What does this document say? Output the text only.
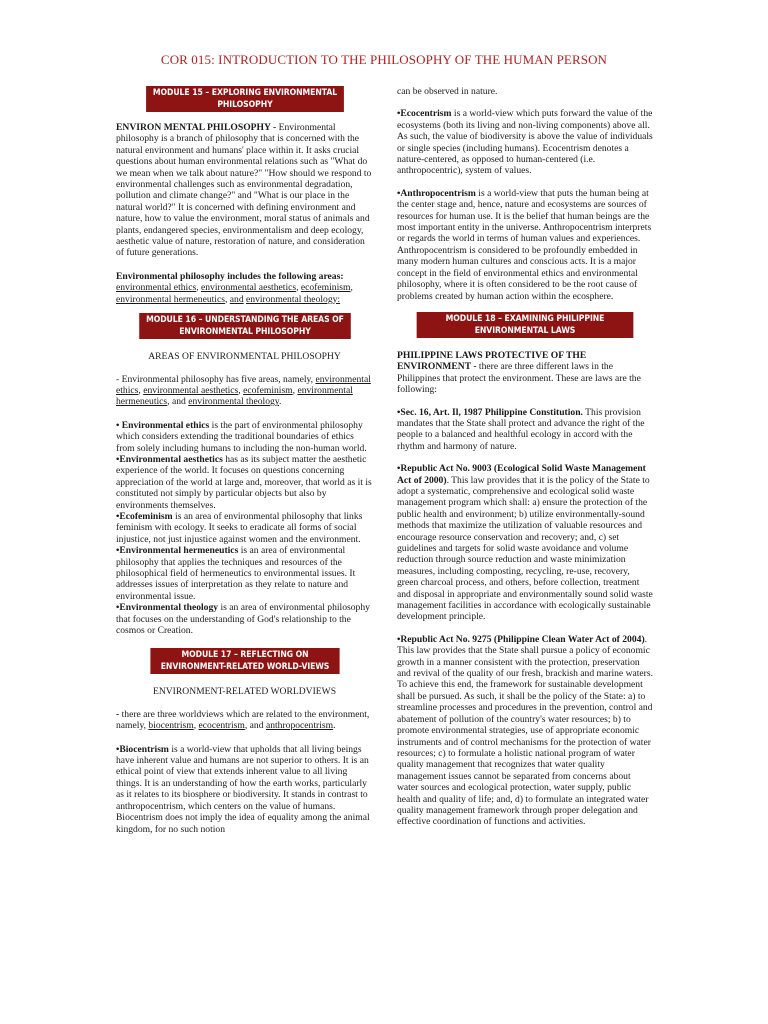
COR 015: INTRODUCTION TO THE PHILOSOPHY OF THE HUMAN PERSON
MODULE 15 – EXPLORING ENVIRONMENTAL PHILOSOPHY

ENVIRON MENTAL PHILOSOPHY - Environmental philosophy is a branch of philosophy that is concerned with the natural environment and humans' place within it. It asks crucial questions about human environmental relations such as "What do we mean when we talk about nature?" "How should we respond to environmental challenges such as environmental degradation, pollution and climate change?" and "What is our place in the natural world?" It is concerned with defining environment and nature, how to value the environment, moral status of animals and plants, endangered species, environmentalism and deep ecology, aesthetic value of nature, restoration of nature, and consideration of future generations.

Environmental philosophy includes the following areas: environmental ethics, environmental aesthetics, ecofeminism, environmental hermeneutics, and environmental theology:

MODULE 16 – UNDERSTANDING THE AREAS OF ENVIRONMENTAL PHILOSOPHY

AREAS OF ENVIRONMENTAL PHILOSOPHY

- Environmental philosophy has five areas, namely, environmental ethics, environmental aesthetics, ecofeminism, environmental hermeneutics, and environmental theology.

• Environmental ethics is the part of environmental philosophy which considers extending the traditional boundaries of ethics from solely including humans to including the non-human world.

•Environmental aesthetics has as its subject matter the aesthetic experience of the world. It focuses on questions concerning appreciation of the world at large and, moreover, that world as it is constituted not simply by particular objects but also by environments themselves.

•Ecofeminism is an area of environmental philosophy that links feminism with ecology. It seeks to eradicate all forms of social injustice, not just injustice against women and the environment.

•Environmental hermeneutics is an area of environmental philosophy that applies the techniques and resources of the philosophical field of hermeneutics to environmental issues. It addresses issues of interpretation as they relate to nature and environmental issue.

•Environmental theology is an area of environmental philosophy that focuses on the understanding of God's relationship to the cosmos or Creation.

MODULE 17 – REFLECTING ON ENVIRONMENT-RELATED WORLD-VIEWS

ENVIRONMENT-RELATED WORLDVIEWS

- there are three worldviews which are related to the environment, namely, biocentrism, ecocentrism, and anthropocentrism.

•Biocentrism is a world-view that upholds that all living beings have inherent value and humans are not superior to others. It is an ethical point of view that extends inherent value to all living things. It is an understanding of how the earth works, particularly as it relates to its biosphere or biodiversity. It stands in contrast to anthropocentrism, which centers on the value of humans. Biocentrism does not imply the idea of equality among the animal kingdom, for no such notion

can be observed in nature.

•Ecocentrism is a world-view which puts forward the value of the ecosystems (both its living and non-living components) above all. As such, the value of biodiversity is above the value of individuals or single species (including humans). Ecocentrism denotes a nature-centered, as opposed to human-centered (i.e. anthropocentric), system of values.

•Anthropocentrism is a world-view that puts the human being at the center stage and, hence, nature and ecosystems are sources of resources for human use. It is the belief that human beings are the most important entity in the universe. Anthropocentrism interprets or regards the world in terms of human values and experiences. Anthropocentrism is considered to be profoundly embedded in many modern human cultures and conscious acts. It is a major concept in the field of environmental ethics and environmental philosophy, where it is often considered to be the root cause of problems created by human action within the ecosphere.

MODULE 18 – EXAMINING PHILIPPINE ENVIRONMENTAL LAWS

PHILIPPINE LAWS PROTECTIVE OF THE ENVIRONMENT - there are three different laws in the Philippines that protect the environment. These are laws are the following:

•Sec. 16, Art. Il, 1987 Philippine Constitution. This provision mandates that the State shall protect and advance the right of the people to a balanced and healthful ecology in accord with the rhythm and harmony of nature.

•Republic Act No. 9003 (Ecological Solid Waste Management Act of 2000). This law provides that it is the policy of the State to adopt a systematic, comprehensive and ecological solid waste management program which shall: a) ensure the protection of the public health and environment; b) utilize environmentally-sound methods that maximize the utilization of valuable resources and encourage resource conservation and recovery; and, c) set guidelines and targets for solid waste avoidance and volume reduction through source reduction and waste minimization measures, including composting, recycling, re-use, recovery, green charcoal process, and others, before collection, treatment and disposal in appropriate and environmentally sound solid waste management facilities in accordance with ecologically sustainable development principle.

•Republic Act No. 9275 (Philippine Clean Water Act of 2004). This law provides that the State shall pursue a policy of economic growth in a manner consistent with the protection, preservation and revival of the quality of our fresh, brackish and marine waters. To achieve this end, the framework for sustainable development shall be pursued. As such, it shall be the policy of the State: a) to streamline processes and procedures in the prevention, control and abatement of pollution of the country's water resources; b) to promote environmental strategies, use of appropriate economic instruments and of control mechanisms for the protection of water resources; c) to formulate a holistic national program of water quality management that recognizes that water quality management issues cannot be separated from concerns about water sources and ecological protection, water supply, public health and quality of life; and, d) to formulate an integrated water quality management framework through proper delegation and effective coordination of functions and activities.
